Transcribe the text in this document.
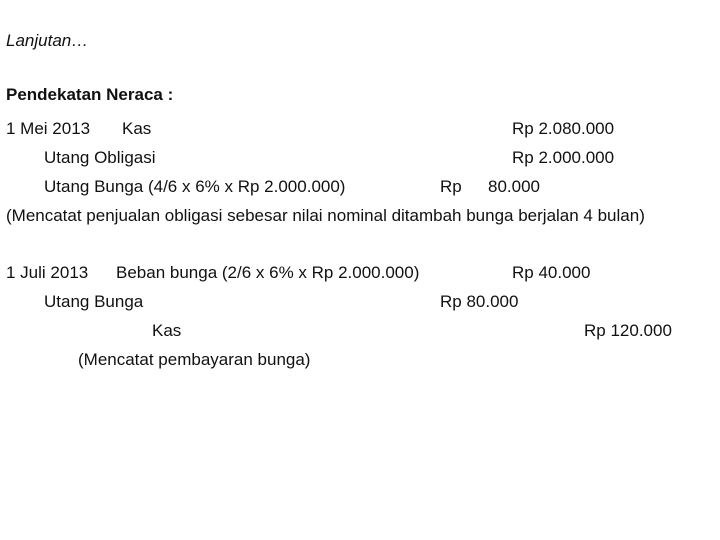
Lanjutan…
Pendekatan Neraca :
1 Mei 2013 Kas	Rp 2.080.000
Utang Obligasi	Rp 2.000.000
Utang Bunga (4/6 x 6% x Rp 2.000.000)	Rp 80.000
(Mencatat penjualan obligasi sebesar nilai nominal ditambah bunga berjalan 4 bulan)
1 Juli 2013 Beban bunga (2/6 x 6% x Rp 2.000.000)	Rp 40.000
Utang Bunga	Rp 80.000
Kas	Rp 120.000
(Mencatat pembayaran bunga)
